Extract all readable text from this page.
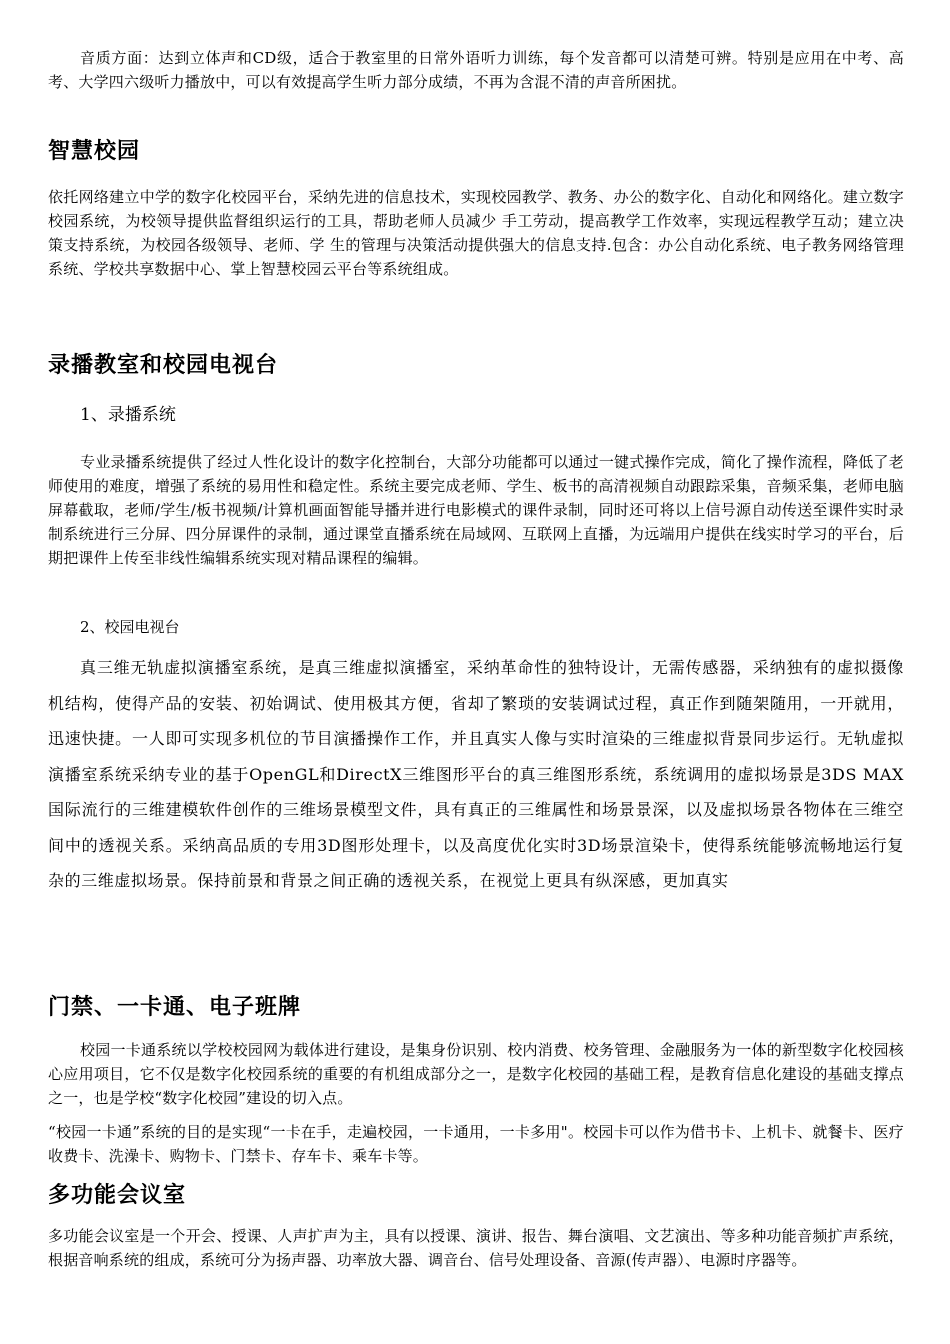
音质方面：达到立体声和CD级，适合于教室里的日常外语听力训练，每个发音都可以清楚可辨。特别是应用在中考、高考、大学四六级听力播放中，可以有效提高学生听力部分成绩，不再为含混不清的声音所困扰。

智慧校园

依托网络建立中学的数字化校园平台，采纳先进的信息技术，实现校园教学、教务、办公的数字化、自动化和网络化。建立数字校园系统，为校领导提供监督组织运行的工具，帮助老师人员减少 手工劳动，提高教学工作效率，实现远程教学互动；建立决策支持系统，为校园各级领导、老师、学 生的管理与决策活动提供强大的信息支持.包含：办公自动化系统、电子教务网络管理系统、学校共享数据中心、掌上智慧校园云平台等系统组成。

录播教室和校园电视台

1、录播系统

专业录播系统提供了经过人性化设计的数字化控制台，大部分功能都可以通过一键式操作完成，简化了操作流程，降低了老师使用的难度，增强了系统的易用性和稳定性。系统主要完成老师、学生、板书的高清视频自动跟踪采集，音频采集，老师电脑屏幕截取，老师/学生/板书视频/计算机画面智能导播并进行电影模式的课件录制，同时还可将以上信号源自动传送至课件实时录制系统进行三分屏、四分屏课件的录制，通过课堂直播系统在局域网、互联网上直播，为远端用户提供在线实时学习的平台，后期把课件上传至非线性编辑系统实现对精品课程的编辑。

2、校园电视台

真三维无轨虚拟演播室系统，是真三维虚拟演播室，采纳革命性的独特设计，无需传感器，采纳独有的虚拟摄像机结构，使得产品的安装、初始调试、使用极其方便，省却了繁琐的安装调试过程，真正作到随架随用，一开就用，迅速快捷。一人即可实现多机位的节目演播操作工作，并且真实人像与实时渲染的三维虚拟背景同步运行。无轨虚拟演播室系统采纳专业的基于OpenGL和DirectX三维图形平台的真三维图形系统，系统调用的虚拟场景是3DS MAX国际流行的三维建模软件创作的三维场景模型文件，具有真正的三维属性和场景景深，以及虚拟场景各物体在三维空间中的透视关系。采纳高品质的专用3D图形处理卡，以及高度优化实时3D场景渲染卡，使得系统能够流畅地运行复杂的三维虚拟场景。保持前景和背景之间正确的透视关系，在视觉上更具有纵深感，更加真实

门禁、一卡通、电子班牌

校园一卡通系统以学校校园网为载体进行建设，是集身份识别、校内消费、校务管理、金融服务为一体的新型数字化校园核心应用项目，它不仅是数字化校园系统的重要的有机组成部分之一，是数字化校园的基础工程，是教育信息化建设的基础支撑点之一，也是学校“数字化校园”建设的切入点。

“校园一卡通”系统的目的是实现“一卡在手，走遍校园，一卡通用，一卡多用"。校园卡可以作为借书卡、上机卡、就餐卡、医疗收费卡、洗澡卡、购物卡、门禁卡、存车卡、乘车卡等。

多功能会议室

多功能会议室是一个开会、授课、人声扩声为主，具有以授课、演讲、报告、舞台演唱、文艺演出、等多种功能音频扩声系统， 根据音响系统的组成，系统可分为扬声器、功率放大器、调音台、信号处理设备、音源(传声器）、电源时序器等。
